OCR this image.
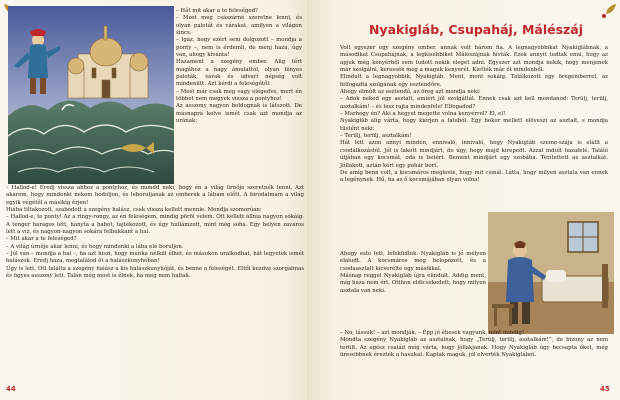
– Hát mit akar a te feleséged?

– Most meg császárné szeretne lenni, és olyan palotát és várakat, amilyen a világon sincs.

– Igaz, hogy ezért sem dolgozott – mondja a ponty –, nem is érdemli, de menj haza, úgy van, ahogy kívánta!

Hazament a szegény ember. Alig tért magához a nagy ámulattól, olyan fényes paloták, várak és udvari népség volt mindenütt. Azt kérdi a feleségétől:

– Most már csak meg vagy elégedve, mert én többet nem megyek vissza a pontyhoz!

Az asszony nagyon boldognak is látszott. De másnapra kelve ismét csak azt mondja az urának:

– Hallod-e! Eredj vissza ahhoz a pontyhoz, és mondd neki, hogy én a világ ürnője szeretnék lenni. Azt akarom, hogy mindenki nekem hódoljon, és leboruljanak az emberek a lábam előtt. A birodalmam a világ egyik végétől a másikig érjen!

Hiába tiltakozott, szabódott a szegény halász, csak vissza kellett mennie. Mondja szomorúan:

– Hallod-e, te ponty! Az a ringy-rongy, az én feleségem, mindig pöröl velem. Ott kellett állnia nagyon sokáig. A tenger haragos lett, hányta a habot, tajtékozott, és úgy hullámzott, mint még soha. Egy helyen zavaros lett a víz, és nagyon-nagyon sokára felbukkant a hal.

– Mit akar a te feleséged?

– A világ úrnője akar lenni, és hogy mindenki a lába elé boruljon.

– Jól van – mondja a hal –, ha azt hiszi, hogy munka nélkül élhet, és másokon uralkodhat, hát legyetek ismét halászok. Eredj haza, megtalálod őt a halászkunyhóban!

Úgy is lett. Ott találta a szegény halász a kis halászkunyhóját, és benne a feleségét. Ettől kezdve szorgalmas és ügyes asszony lett. Talán még most is élnek, ha meg nem haltak.

44
Nyakigláb, Csupaháj, Málészáj

Volt egyszer egy szegény ember, annak volt három fia. A legnagyobbikat Nyakiglábnak, a másodikat Csupahájnak, a legkisebbiket Málészájnak hívták. Ezek annyit tudtak enni, hogy az apjuk még kenyérből sem tudott nekik eleget adni. Egyszer azt mondja nekik, hogy menjenek már szolgálni, keressék meg a maguk kenyerét. Kiették már őt mindenből.

Elindult a legnagyobbik, Nyakigláb. Ment, ment sokáig. Találkozott egy öregemberrel, az felfogadta szolgának egy esztendőre.

Ahogy elmúlt az esztendő, az öreg azt mondja neki:

– Adok neked egy asztalt, amiért jól szolgáltál. Ennek csak azt kell mondanod: Terülj, terülj, asztalkám! – és lesz rajta mindenféle! Elfogadod?

– Marhogy én? Aki a hegyet megette volna kenyérrel? El, el!

Nyakigláb alig várta, hogy kiérjen a faluból. Egy bokor mellett elöveszi az asztalt, s mondja tüstént neki:

– Terülj, terülj, asztalkám!

Hát lett azon annyi minden, ennivaló, innivaló, hogy Nyakigláb szeme-szája is elállt a csodálkozástól. Jól is lakott mindjárt, de úgy, hogy majd kirepedt. Azzal indult hazafelé. Találó útjában egy kocsmát, oda is betért. Bement mindjárt egy szobába. Terítettett az asztalkát. Jóllakott, aztán kért egy pohár bort.

De amíg benn volt, a kocsmáros megleste, hogy mit csinál. Látta, hogy milyen asztala van ennek a legénynek. Hű, ha az ő kocsmájában olyan volna!

Ahogy este lett, lefeküdtek. Nyakigláb is jó mélyen elaludt. A kocsmáros meg belopózott, és a csodaasztalt kicserélte egy másikkal.

Másnap reggel Nyakigláb újra elindult. Addig ment, míg haza nem ért. Otthon eldicsekedett, hogy milyen asztala van neki.

– No, lássuk! – azt mondják. – Épp jó éhesek vagyunk, mint mindig!

Mondta szegény Nyakigláb az asztalnak, hogy „Terülj, terülj, asztalkám!”, de bizony az nem terült. Az egész család még várta, hogy jóllakjanak. Hogy Nyakigláb úgy becsapta őket, még üresebbnek érezték a hasukat. Kaptak maguk, jól elverték Nyakiglábot.

45
